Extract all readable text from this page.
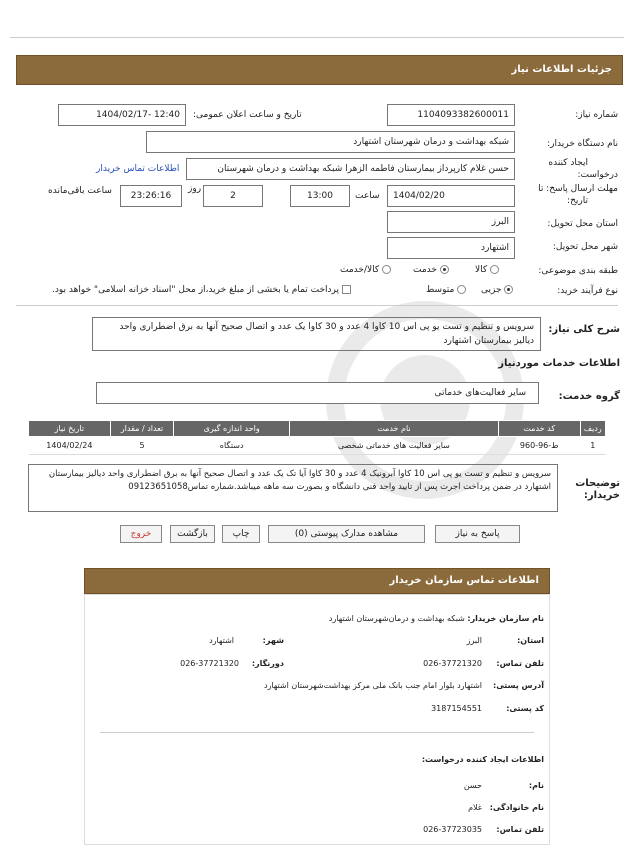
جزئیات اطلاعات نیاز
شماره نیاز:
1104093382600011
تاریخ و ساعت اعلان عمومی:
1404/02/17- 12:40
نام دستگاه خریدار:
شبکه بهداشت و درمان شهرستان اشتهارد
ایجاد کننده
درخواست:
حسن غلام کارپرداز بیمارستان فاطمه الزهرا شبکه بهداشت و درمان شهرستان
اطلاعات تماس خریدار
مهلت ارسال پاسخ: تا
تاریخ:
1404/02/20
ساعت
13:00
2
روز
23:26:16
ساعت باقی‌مانده
استان محل تحویل:
البرز
شهر محل تحویل:
اشتهارد
طبقه بندی موضوعی:
کالا
خدمت
کالا/خدمت
نوع فرآیند خرید:
جزیی
متوسط
پرداخت تمام یا بخشی از مبلغ خرید،از محل "اسناد خزانه اسلامی" خواهد بود.
شرح کلی نیاز:
سرویس و تنظیم و تست یو پی اس 10 کاوا 4 عدد و 30 کاوا یک عدد و اتصال صحیح آنها به برق اضطراری واحد دیالیز بیمارستان اشتهارد
اطلاعات خدمات موردنیاز
گروه خدمت:
سایر فعالیت‌های خدماتی
ردیف	کد خدمت	نام خدمت	واحد اندازه گیری	تعداد / مقدار	تاریخ نیاز
1	ط-96-960	سایر فعالیت های خدماتی شخصی	دستگاه	5	1404/02/24
توضیحات
خریدار:
سرویس و تنظیم و تست یو پی اس 10 کاوا آبرونیک 4 عدد و 30 کاوا آیا تک یک عدد و اتصال صحیح آنها به برق اضطراری واحد دیالیز بیمارستان اشتهارد در ضمن پرداخت اجرت پس از تایید واحد فنی دانشگاه و بصورت سه ماهه میباشد.شماره تماس09123651058
پاسخ به نیاز
مشاهده مدارک پیوستی (0)
چاپ
بازگشت
خروج
اطلاعات تماس سازمان خریدار
نام سازمان خریدار: شبکه بهداشت و درمان‌شهرستان اشتهارد
استان:
البرز
شهر:
اشتهارد
تلفن تماس:
026-37721320
دورنگار:
026-37721320
آدرس پستی:
اشتهارد بلوار امام جنب بانک ملی مرکز بهداشت‌شهرستان اشتهارد
کد پستی:
3187154551
اطلاعات ایجاد کننده درخواست:
نام:
حسن
نام خانوادگی:
غلام
تلفن تماس:
026-37723035
